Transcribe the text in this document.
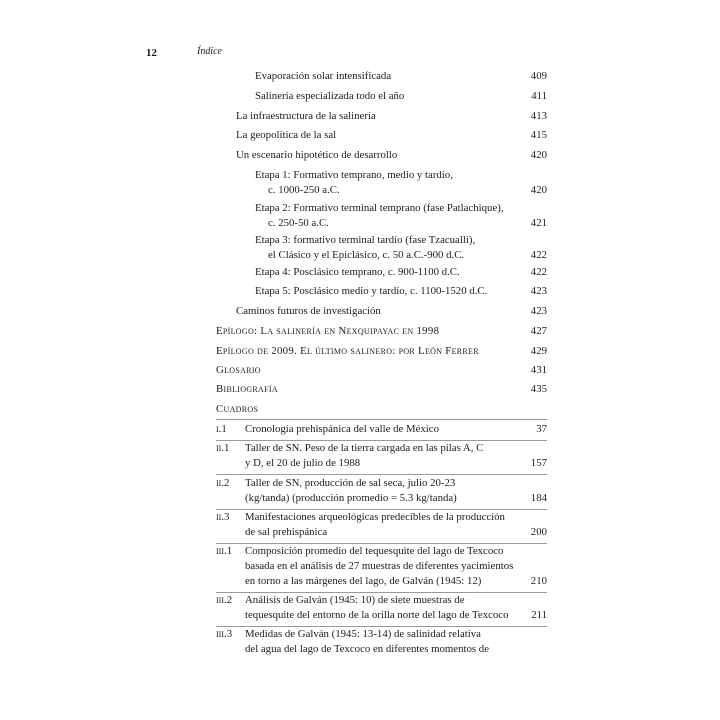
12	Índice
Evaporación solar intensificada	409
Salinería especializada todo el año	411
La infraestructura de la salinería	413
La geopolítica de la sal	415
Un escenario hipotético de desarrollo	420
Etapa 1: Formativo temprano, medio y tardío,
c. 1000-250 a.C.	420
Etapa 2: Formativo terminal temprano (fase Patlachique),
c. 250-50 a.C.	421
Etapa 3: formativo terminal tardío (fase Tzacualli),
el Clásico y el Epiclásico, c. 50 a.C.-900 d.C.	422
Etapa 4: Posclásico temprano, c. 900-1100 d.C.	422
Etapa 5: Posclásico medio y tardío, c. 1100-1520 d.C.	423
Caminos futuros de investigación	423
Epílogo: La salinería en Nexquipayac en 1998	427
Epílogo de 2009. El último salinero: por León Ferrer	429
Glosario	431
Bibliografía	435
Cuadros
i.1 Cronología prehispánica del valle de México	37
ii.1 Taller de SN. Peso de la tierra cargada en las pilas A, C
y D, el 20 de julio de 1988	157
ii.2 Taller de SN, producción de sal seca, julio 20-23
(kg/tanda) (producción promedio = 5.3 kg/tanda)	184
ii.3 Manifestaciones arqueológicas predecibles de la producción
de sal prehispánica	200
iii.1 Composición promedio del tequesquite del lago de Texcoco
basada en el análisis de 27 muestras de diferentes yacimientos
en torno a las márgenes del lago, de Galván (1945: 12)	210
iii.2 Análisis de Galván (1945: 10) de siete muestras de
tequesquite del entorno de la orilla norte del lago de Texcoco 211
iii.3 Medidas de Galván (1945: 13-14) de salinidad relativa
del agua del lago de Texcoco en diferentes momentos de
